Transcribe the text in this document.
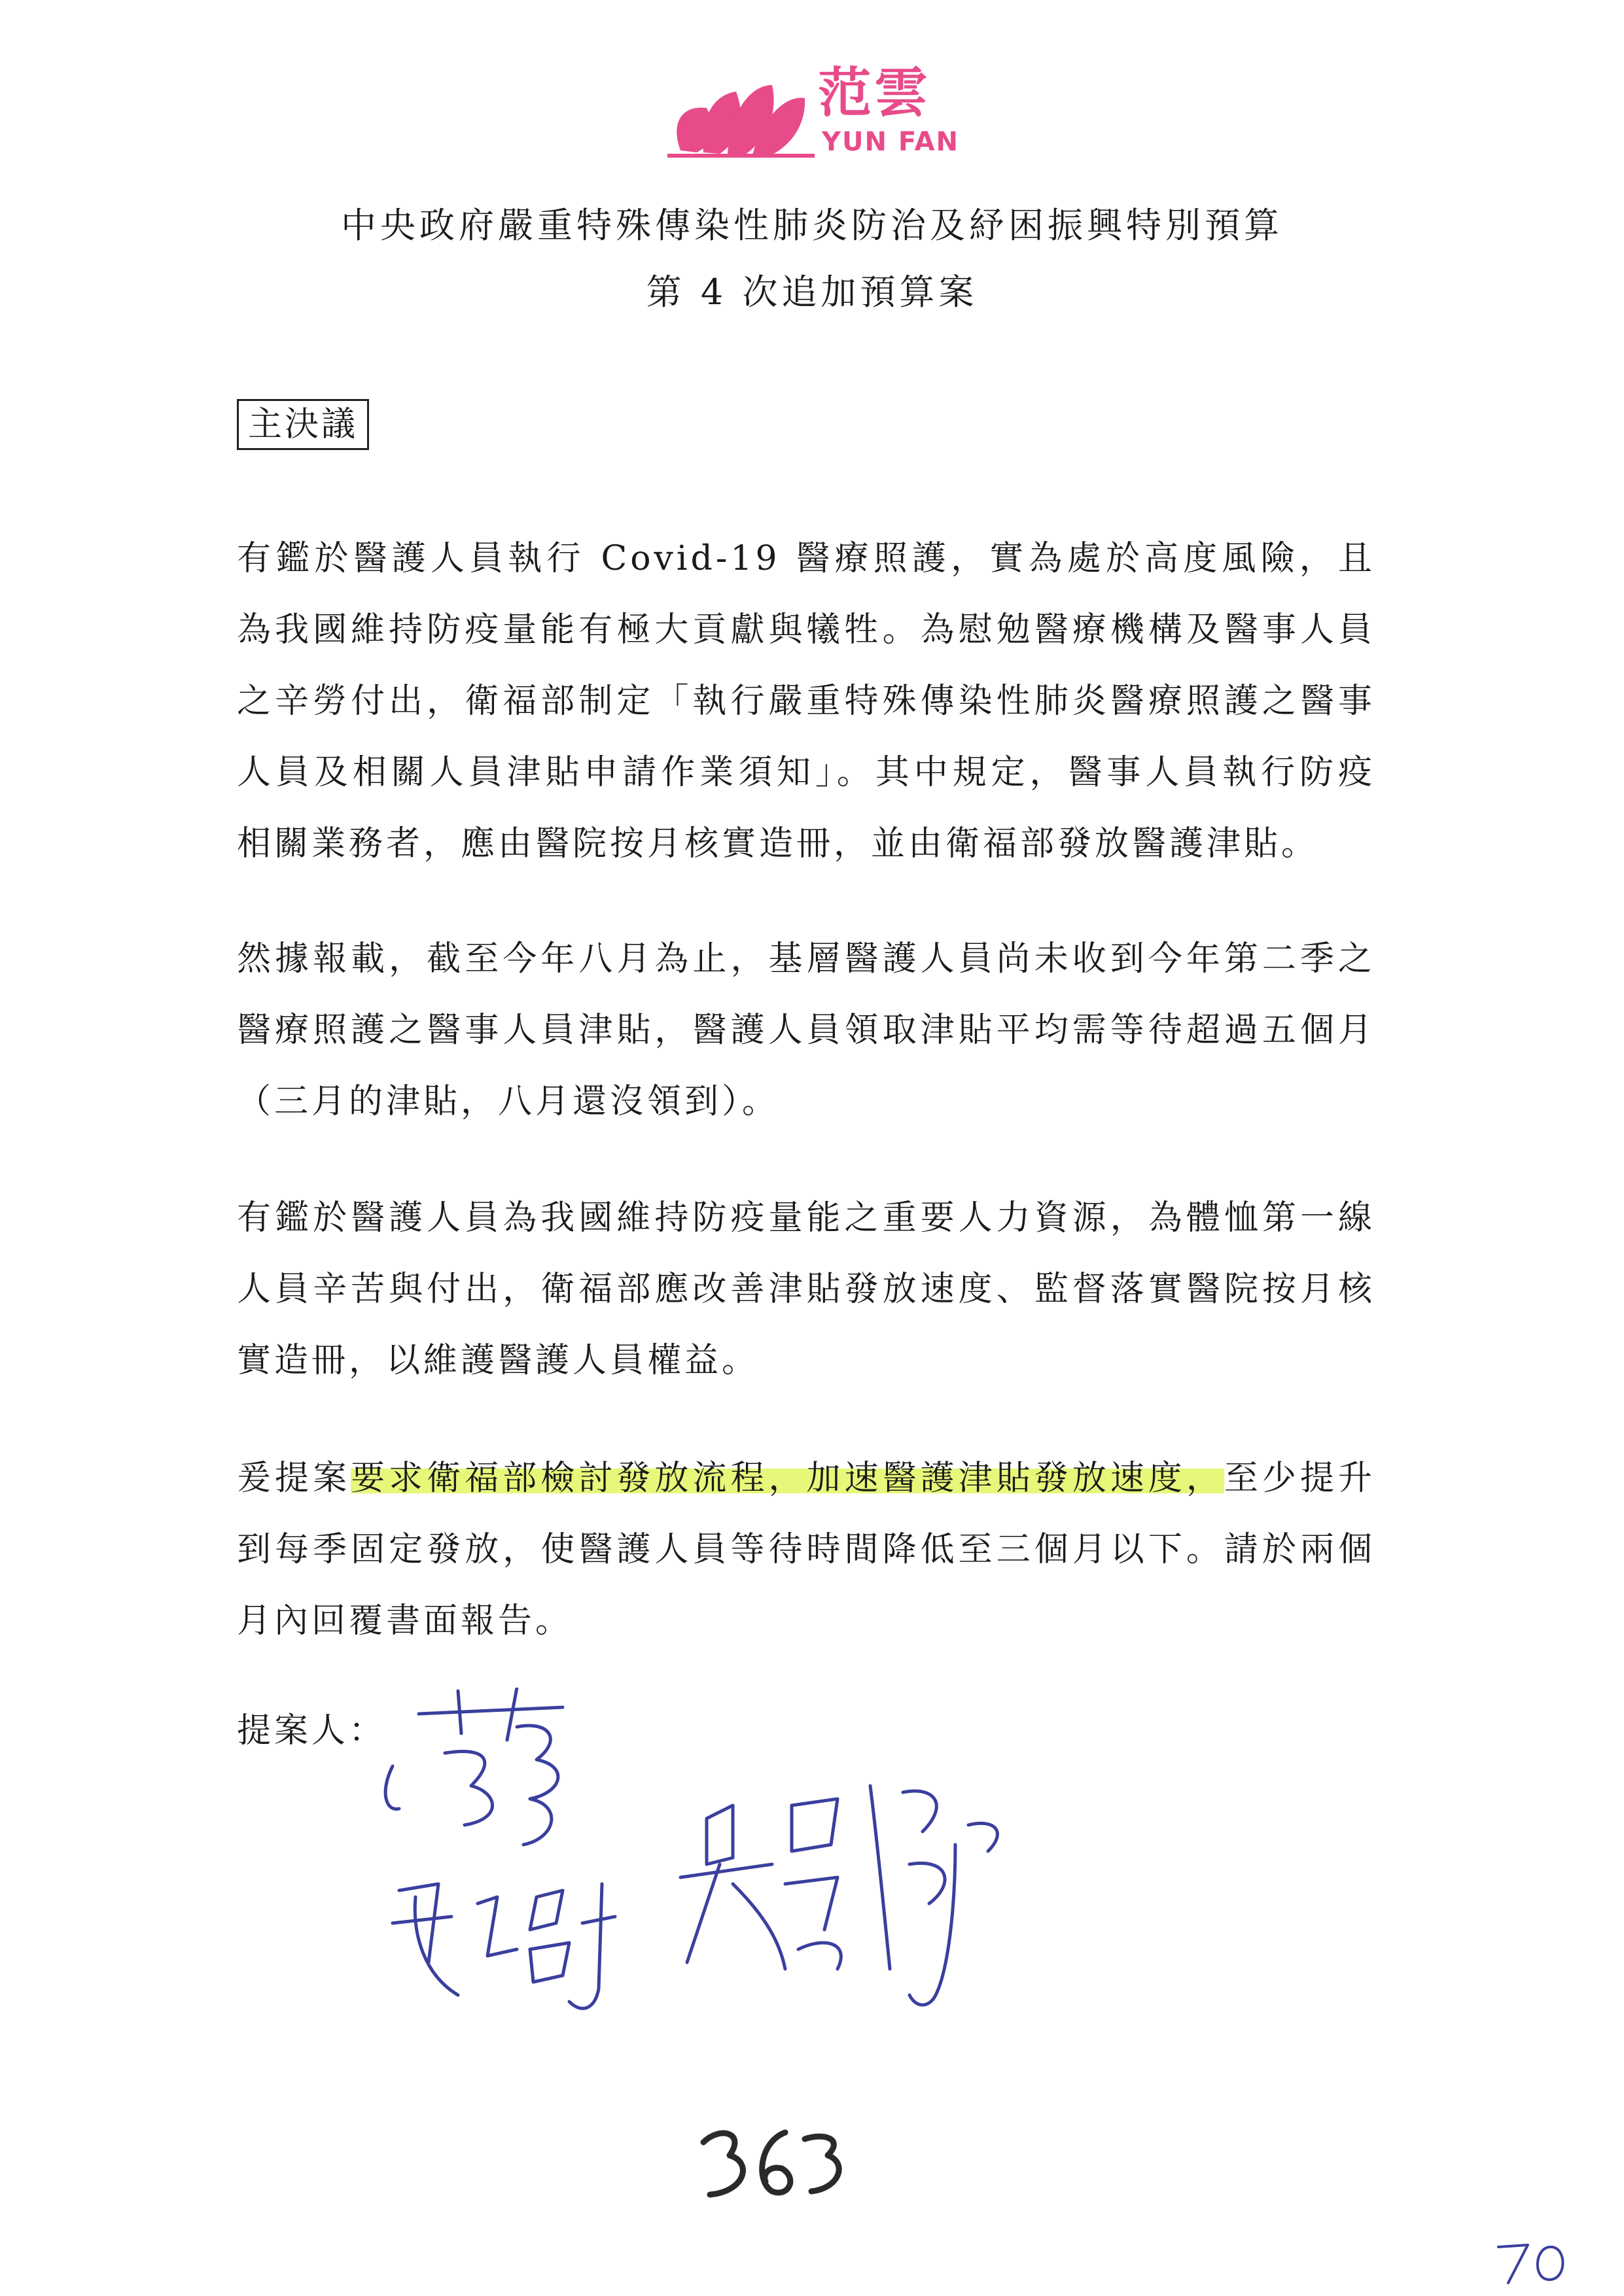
范雲
YUN FAN
中央政府嚴重特殊傳染性肺炎防治及紓困振興特別預算
第 4 次追加預算案
主決議
有鑑於醫護人員執行 Covid-19 醫療照護，實為處於高度風險，且為我國維持防疫量能有極大貢獻與犧牲。為慰勉醫療機構及醫事人員之辛勞付出，衛福部制定「執行嚴重特殊傳染性肺炎醫療照護之醫事人員及相關人員津貼申請作業須知」。其中規定，醫事人員執行防疫相關業務者，應由醫院按月核實造冊，並由衛福部發放醫護津貼。
然據報載，截至今年八月為止，基層醫護人員尚未收到今年第二季之醫療照護之醫事人員津貼，醫護人員領取津貼平均需等待超過五個月（三月的津貼，八月還沒領到）。
有鑑於醫護人員為我國維持防疫量能之重要人力資源，為體恤第一線人員辛苦與付出，衛福部應改善津貼發放速度、監督落實醫院按月核實造冊，以維護醫護人員權益。
爰提案要求衛福部檢討發放流程，加速醫護津貼發放速度，至少提升到每季固定發放，使醫護人員等待時間降低至三個月以下。請於兩個月內回覆書面報告。
提案人：
